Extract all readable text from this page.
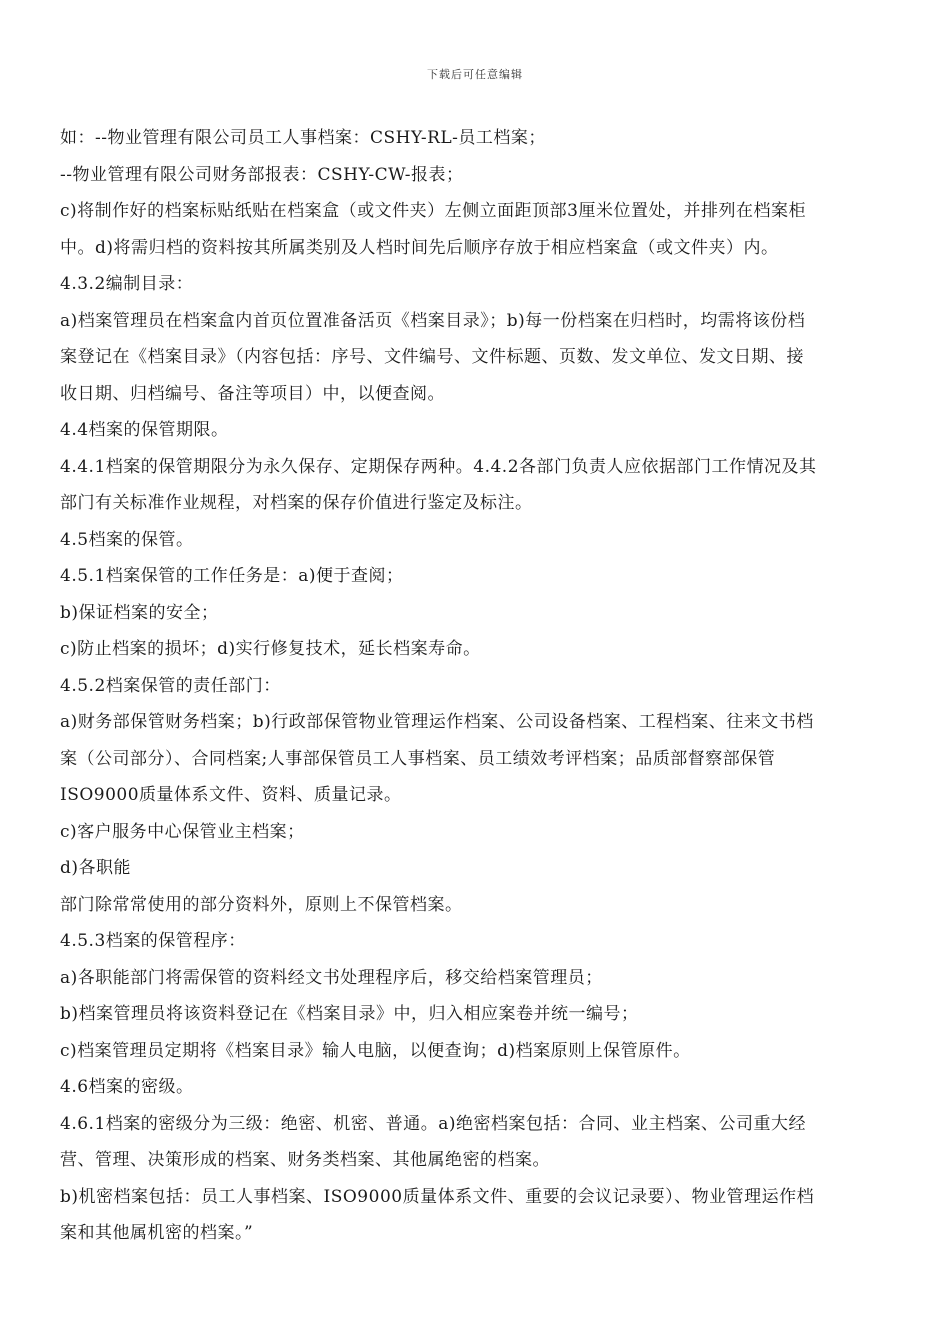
下载后可任意编辑
如：--物业管理有限公司员工人事档案：CSHY-RL-员工档案；
--物业管理有限公司财务部报表：CSHY-CW-报表；
c)将制作好的档案标贴纸贴在档案盒（或文件夹）左侧立面距顶部3厘米位置处，并排列在档案柜
中。d)将需归档的资料按其所属类别及人档时间先后顺序存放于相应档案盒（或文件夹）内。
4.3.2编制目录：
a)档案管理员在档案盒内首页位置准备活页《档案目录》；b)每一份档案在归档时，均需将该份档
案登记在《档案目录》（内容包括：序号、文件编号、文件标题、页数、发文单位、发文日期、接
收日期、归档编号、备注等项目）中，以便查阅。
4.4档案的保管期限。
4.4.1档案的保管期限分为永久保存、定期保存两种。4.4.2各部门负责人应依据部门工作情况及其
部门有关标准作业规程，对档案的保存价值进行鉴定及标注。
4.5档案的保管。
4.5.1档案保管的工作任务是：a)便于查阅；
b)保证档案的安全；
c)防止档案的损坏；d)实行修复技术，延长档案寿命。
4.5.2档案保管的责任部门：
a)财务部保管财务档案；b)行政部保管物业管理运作档案、公司设备档案、工程档案、往来文书档
案（公司部分）、合同档案;人事部保管员工人事档案、员工绩效考评档案；品质部督察部保管
ISO9000质量体系文件、资料、质量记录。
c)客户服务中心保管业主档案；
d)各职能
部门除常常使用的部分资料外，原则上不保管档案。
4.5.3档案的保管程序：
a)各职能部门将需保管的资料经文书处理程序后，移交给档案管理员；
b)档案管理员将该资料登记在《档案目录》中，归入相应案卷并统一编号；
c)档案管理员定期将《档案目录》输人电脑，以便查询；d)档案原则上保管原件。
4.6档案的密级。
4.6.1档案的密级分为三级：绝密、机密、普通。a)绝密档案包括：合同、业主档案、公司重大经
营、管理、决策形成的档案、财务类档案、其他属绝密的档案。
b)机密档案包括：员工人事档案、ISO9000质量体系文件、重要的会议记录要）、物业管理运作档
案和其他属机密的档案。”
